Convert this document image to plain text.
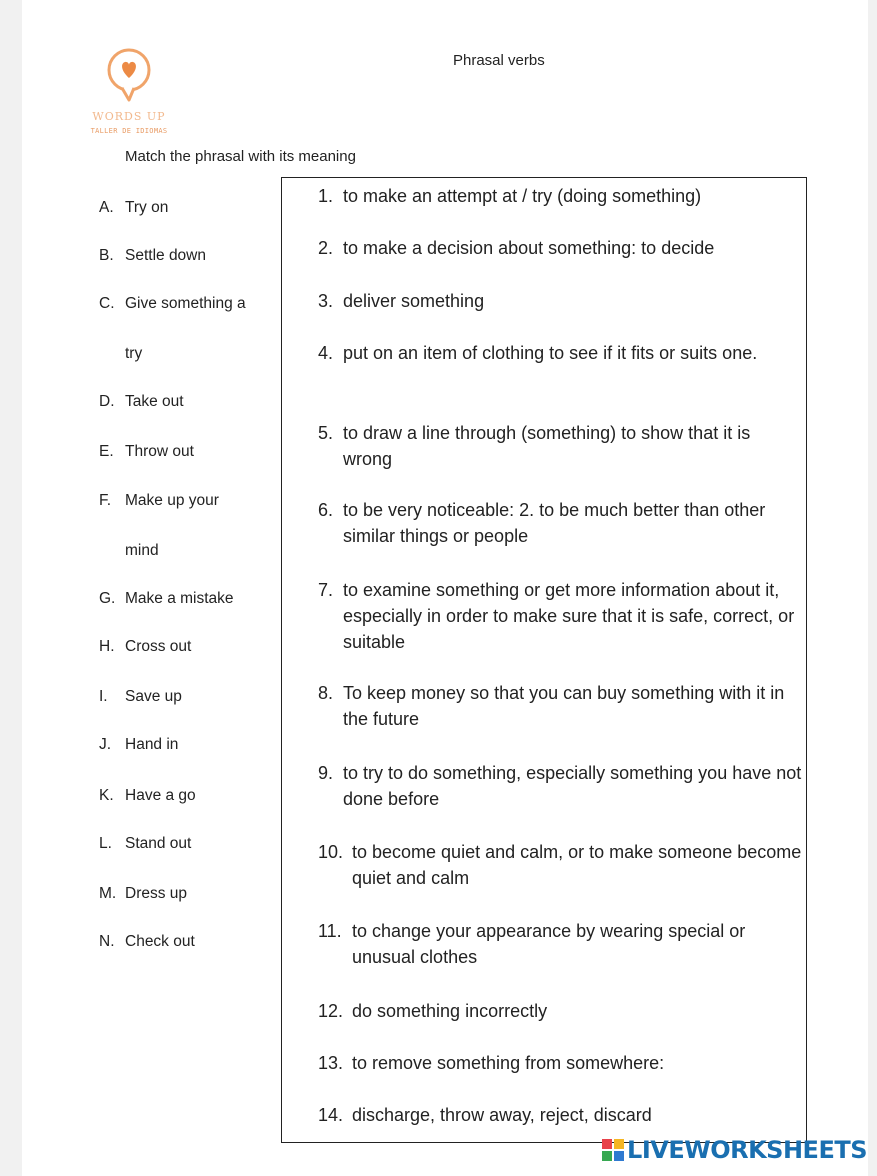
WORDS UP
TALLER DE IDIOMAS
Phrasal verbs
Match the phrasal with its meaning
A. Try on
B. Settle down
C. Give something a
try
D. Take out
E. Throw out
F. Make up your
mind
G. Make a mistake
H. Cross out
I. Save up
J. Hand in
K. Have a go
L. Stand out
M. Dress up
N. Check out
1. to make an attempt at / try (doing something)
2. to make a decision about something: to decide
3. deliver something
4. put on an item of clothing to see if it fits or suits one.
5. to draw a line through (something) to show that it is wrong
6. to be very noticeable: 2. to be much better than other similar things or people
7. to examine something or get more information about it, especially in order to make sure that it is safe, correct, or suitable
8. To keep money so that you can buy something with it in the future
9. to try to do something, especially something you have not done before
10. to become quiet and calm, or to make someone become quiet and calm
11. to change your appearance by wearing special or unusual clothes
12. do something incorrectly
13. to remove something from somewhere:
14. discharge, throw away, reject, discard
LIVEWORKSHEETS
